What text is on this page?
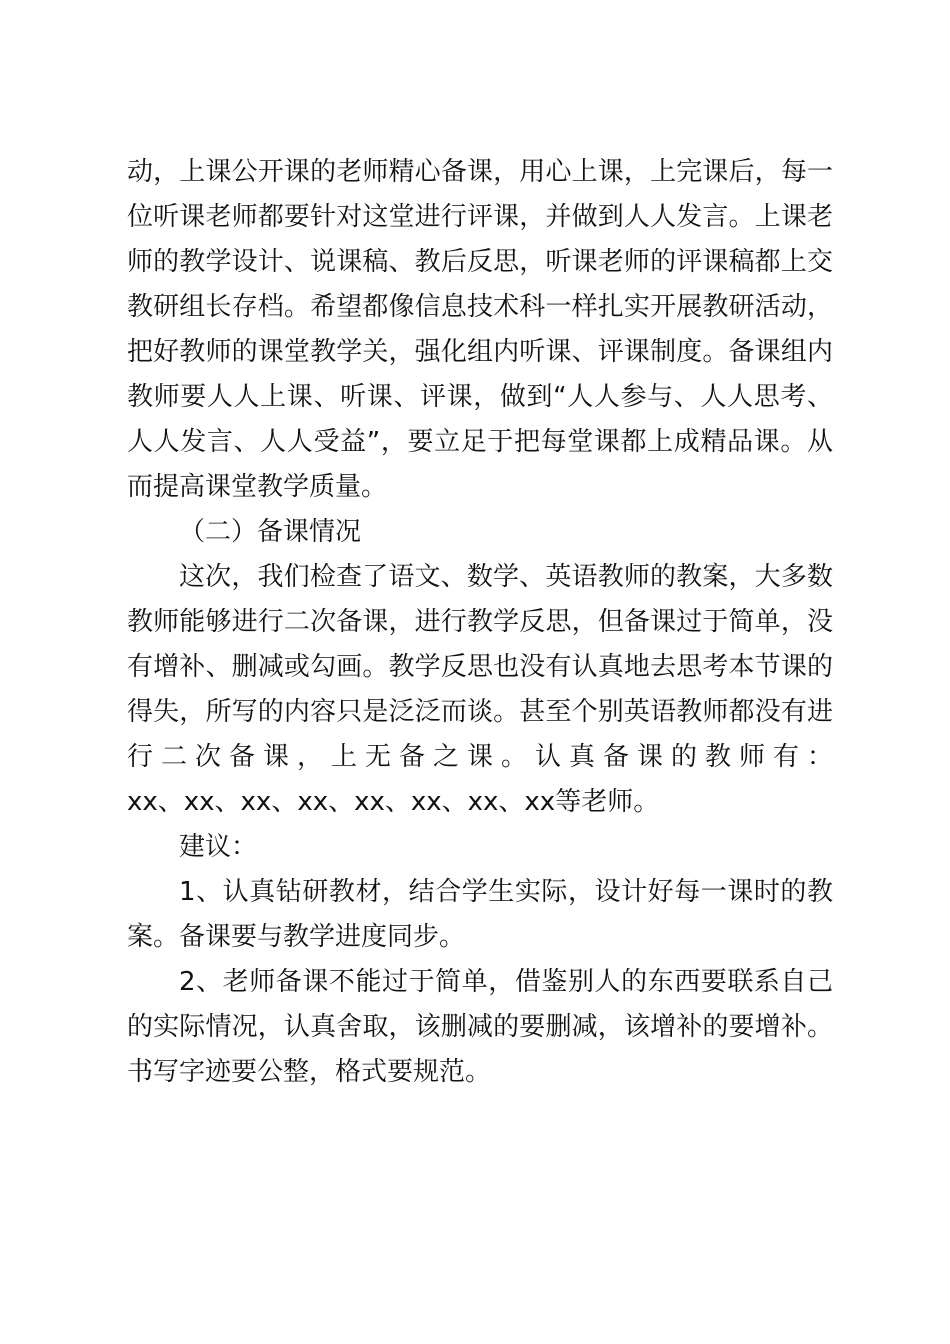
动，上课公开课的老师精心备课，用心上课，上完课后，每一位听课老师都要针对这堂进行评课，并做到人人发言。上课老师的教学设计、说课稿、教后反思，听课老师的评课稿都上交教研组长存档。希望都像信息技术科一样扎实开展教研活动，把好教师的课堂教学关，强化组内听课、评课制度。备课组内教师要人人上课、听课、评课，做到“人人参与、人人思考、人人发言、人人受益”，要立足于把每堂课都上成精品课。从而提高课堂教学质量。

（二）备课情况

这次，我们检查了语文、数学、英语教师的教案，大多数教师能够进行二次备课，进行教学反思，但备课过于简单，没有增补、删减或勾画。教学反思也没有认真地去思考本节课的得失，所写的内容只是泛泛而谈。甚至个别英语教师都没有进行二次备课，上无备之课。认真备课的教师有：

xx、xx、xx、xx、xx、xx、xx、xx等老师。

建议：

1、认真钻研教材，结合学生实际，设计好每一课时的教案。备课要与教学进度同步。

2、老师备课不能过于简单，借鉴别人的东西要联系自己的实际情况，认真舍取，该删减的要删减，该增补的要增补。书写字迹要公整，格式要规范。
